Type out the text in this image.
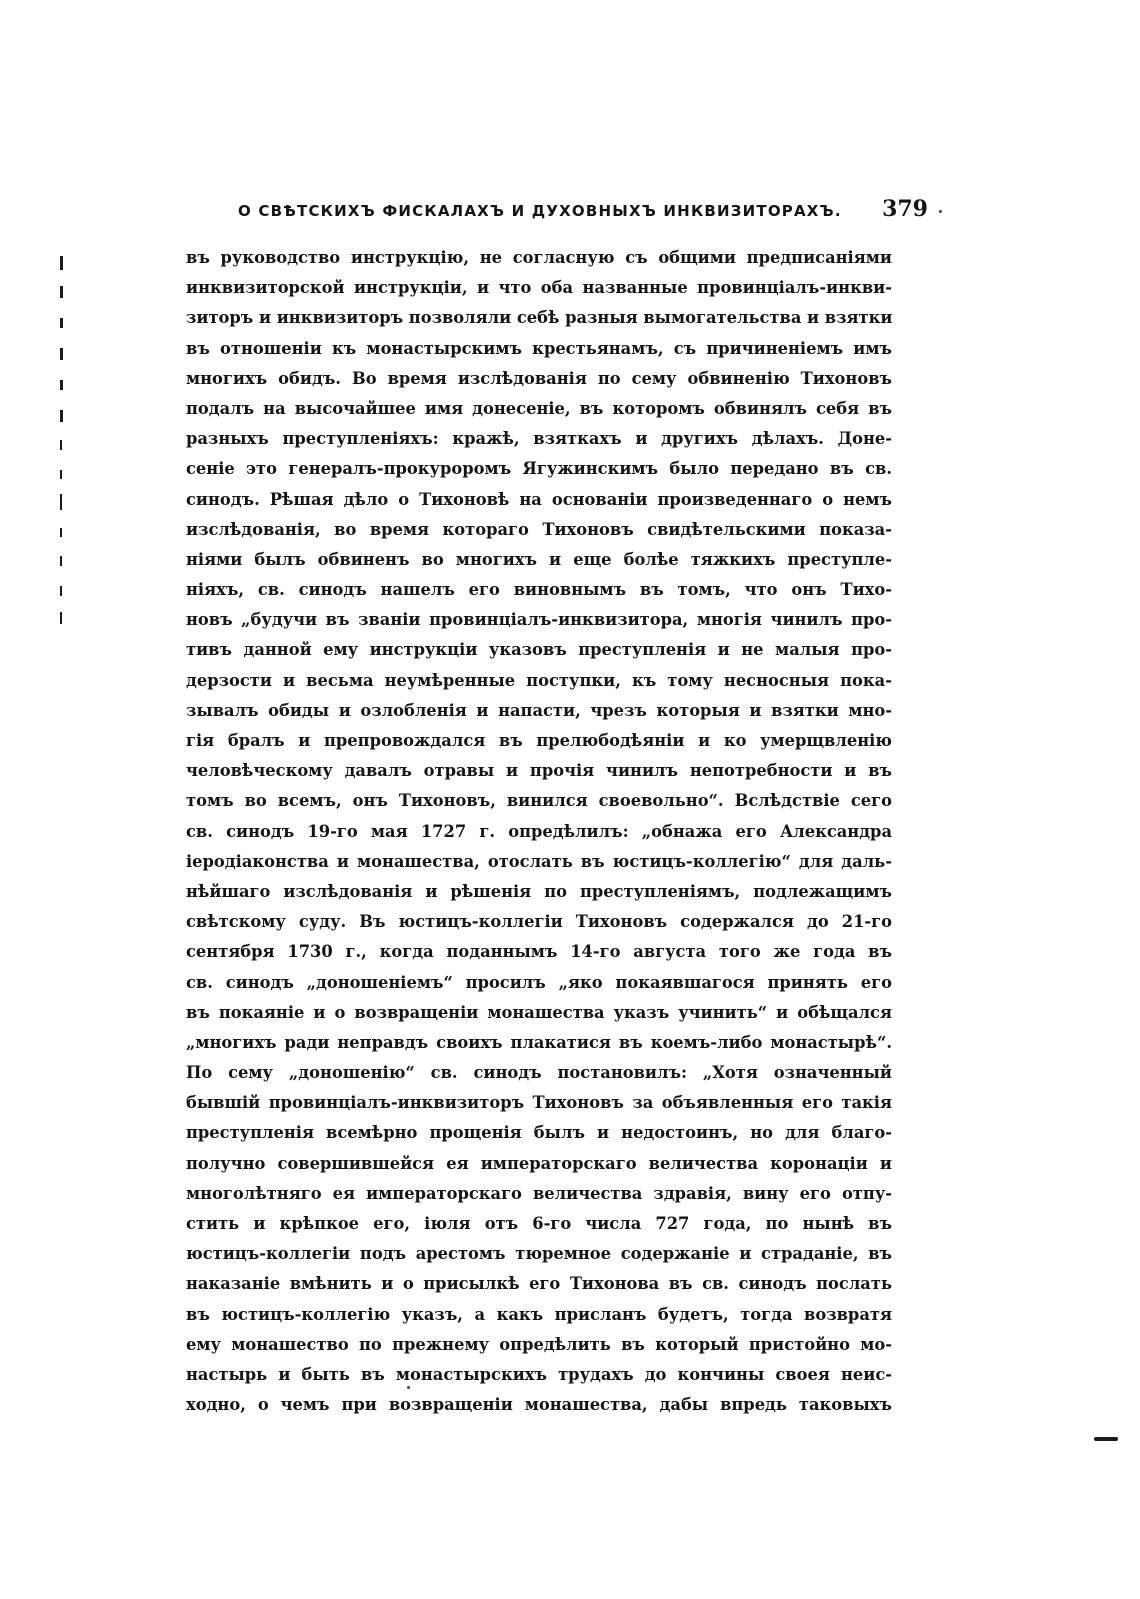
О СВѢТСКИХЪ ФИСКАЛАХЪ И ДУХОВНЫХЪ ИНКВИЗИТОРАХЪ. 379
въ руководство инструкцію, не согласную съ общими предписаніями
инквизиторской инструкціи, и что оба названные провинціалъ-инкви-
зиторъ и инквизиторъ позволяли себѣ разныя вымогательства и взятки
въ отношеніи къ монастырскимъ крестьянамъ, съ причиненіемъ имъ
многихъ обидъ. Во время изслѣдованія по сему обвиненію Тихоновъ
подалъ на высочайшее имя донесеніе, въ которомъ обвинялъ себя въ
разныхъ преступленіяхъ: кражѣ, взяткахъ и другихъ дѣлахъ. Доне-
сеніе это генералъ-прокуроромъ Ягужинскимъ было передано въ св.
синодъ. Рѣшая дѣло о Тихоновѣ на основаніи произведеннаго о немъ
изслѣдованія, во время котораго Тихоновъ свидѣтельскими показа-
ніями былъ обвиненъ во многихъ и еще болѣе тяжкихъ преступле-
ніяхъ, св. синодъ нашелъ его виновнымъ въ томъ, что онъ Тихо-
новъ „будучи въ званіи провинціалъ-инквизитора, многія чинилъ про-
тивъ данной ему инструкціи указовъ преступленія и не малыя про-
дерзости и весьма неумѣренные поступки, къ тому несносныя пока-
зывалъ обиды и озлобленія и напасти, чрезъ которыя и взятки мно-
гія бралъ и препровождался въ прелюбодѣяніи и ко умерщвленію
человѣческому давалъ отравы и прочія чинилъ непотребности и въ
томъ во всемъ, онъ Тихоновъ, винился своевольно“. Вслѣдствіе сего
св. синодъ 19-го мая 1727 г. опредѣлилъ: „обнажа его Александра
іеродіаконства и монашества, отослать въ юстицъ-коллегію“ для даль-
нѣйшаго изслѣдованія и рѣшенія по преступленіямъ, подлежащимъ
свѣтскому суду. Въ юстицъ-коллегіи Тихоновъ содержался до 21-го
сентября 1730 г., когда поданнымъ 14-го августа того же года въ
св. синодъ „доношеніемъ“ просилъ „яко покаявшагося принять его
въ покаяніе и о возвращеніи монашества указъ учинить“ и обѣщался
„многихъ ради неправдъ своихъ плакатися въ коемъ-либо монастырѣ“.
По сему „доношенію“ св. синодъ постановилъ: „Хотя означенный
бывшій провинціалъ-инквизиторъ Тихоновъ за объявленныя его такія
преступленія всемѣрно прощенія былъ и недостоинъ, но для благо-
получно совершившейся ея императорскаго величества коронаціи и
многолѣтняго ея императорскаго величества здравія, вину его отпу-
стить и крѣпкое его, іюля отъ 6-го числа 727 года, по нынѣ въ
юстицъ-коллегіи подъ арестомъ тюремное содержаніе и страданіе, въ
наказаніе вмѣнить и о присылкѣ его Тихонова въ св. синодъ послать
въ юстицъ-коллегію указъ, а какъ присланъ будетъ, тогда возвратя
ему монашество по прежнему опредѣлить въ который пристойно мо-
настырь и быть въ монастырскихъ трудахъ до кончины своея неис-
ходно, о чемъ при возвращеніи монашества, дабы впредь таковыхъ
